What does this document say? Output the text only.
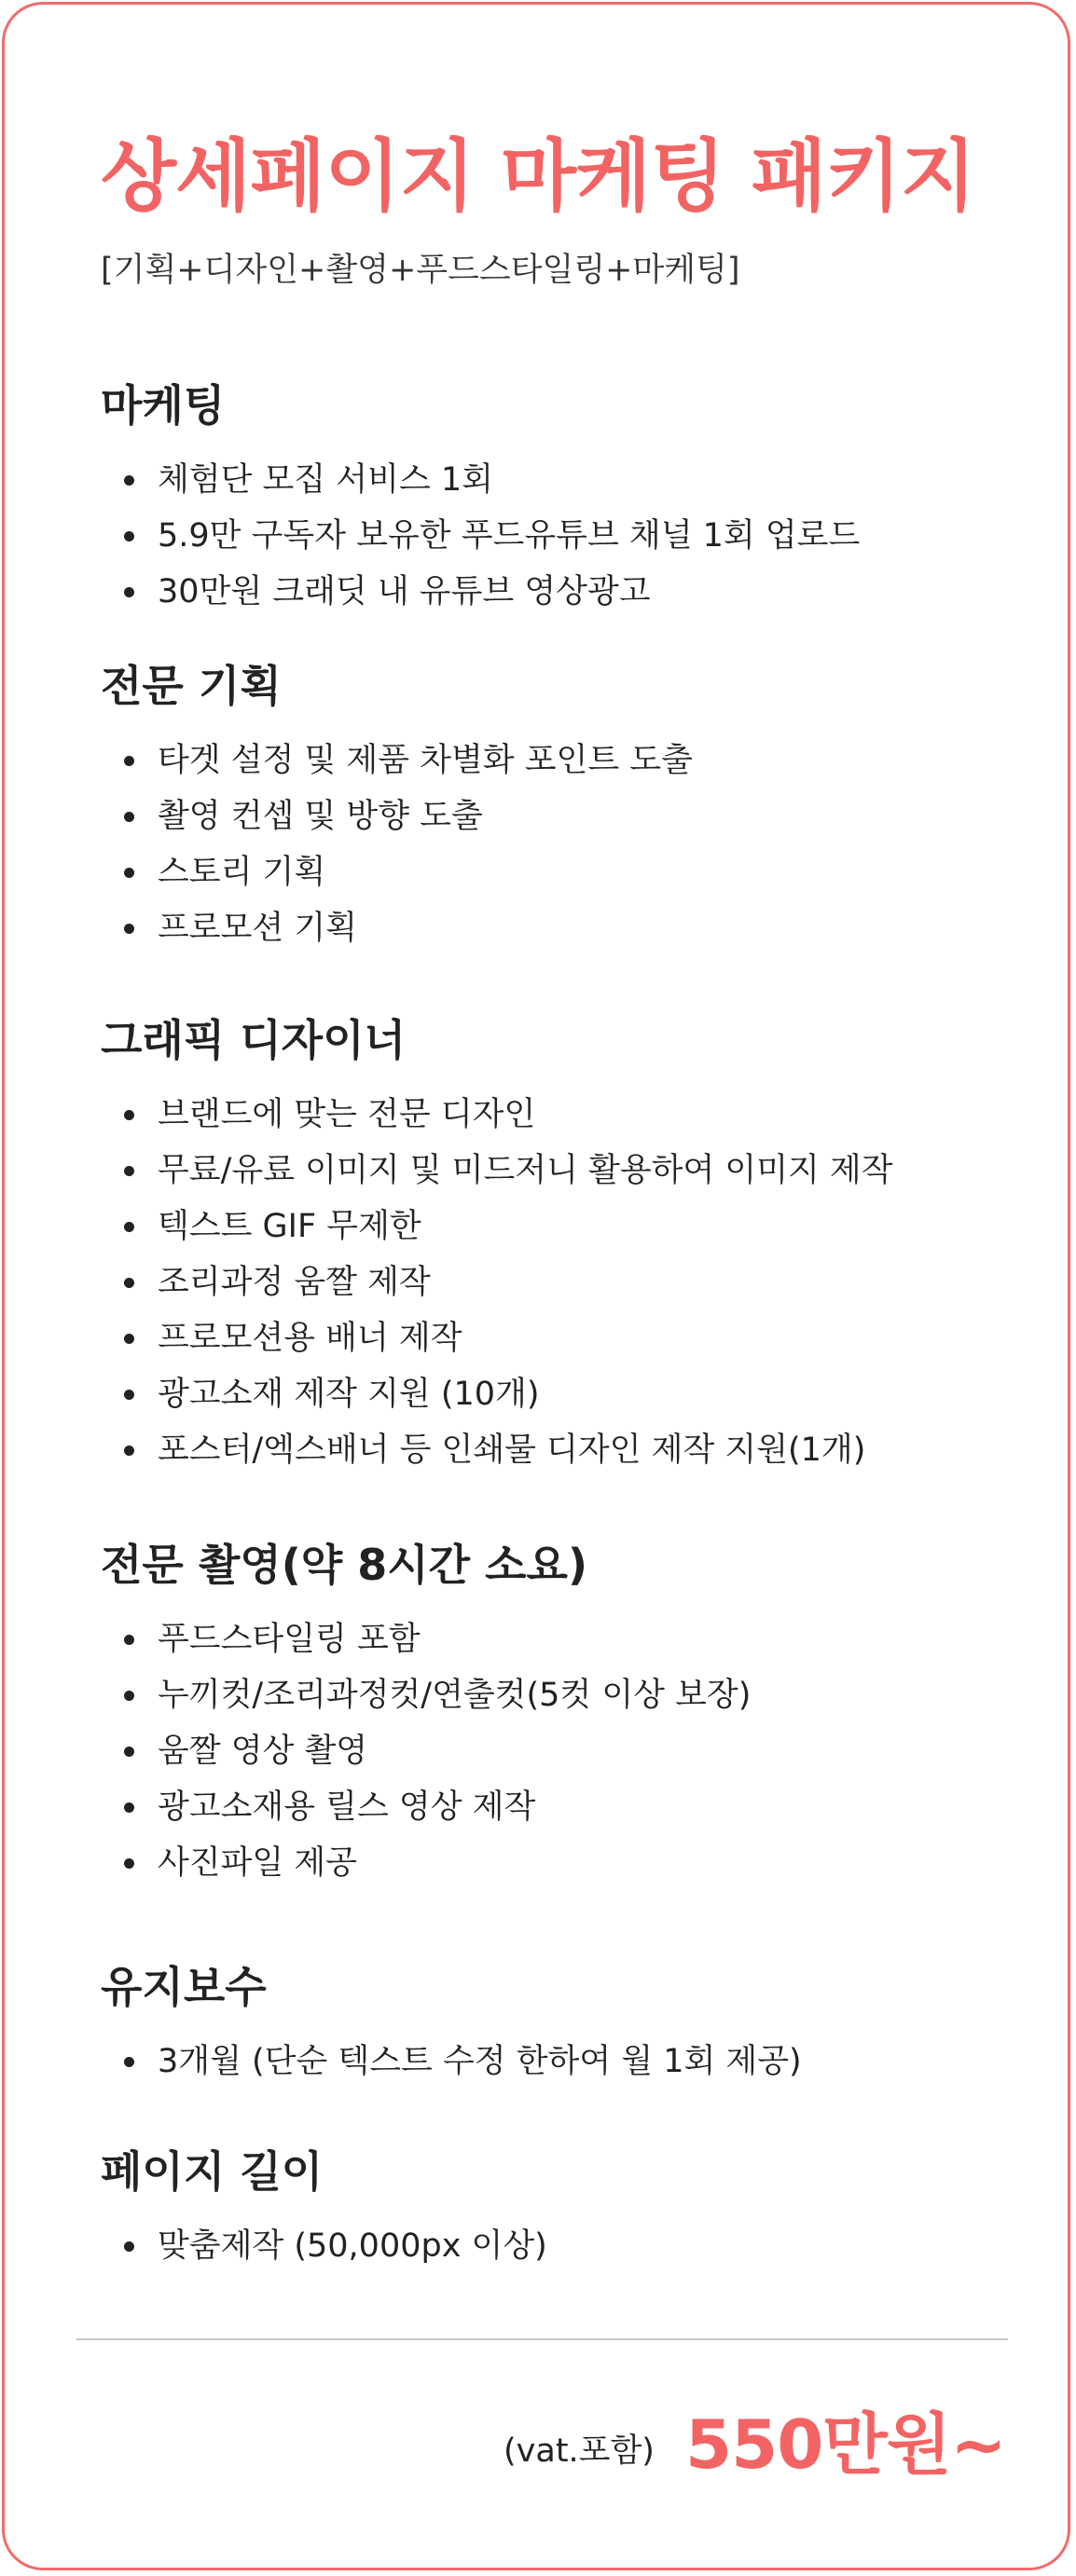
상세페이지 마케팅 패키지

[기획+디자인+촬영+푸드스타일링+마케팅]

마케팅
체험단 모집 서비스 1회
5.9만 구독자 보유한 푸드유튜브 채널 1회 업로드
30만원 크래딧 내 유튜브 영상광고
전문 기획
타겟 설정 및 제품 차별화 포인트 도출
촬영 컨셉 및 방향 도출
스토리 기획
프로모션 기획
그래픽 디자이너
브랜드에 맞는 전문 디자인
무료/유료 이미지 및 미드저니 활용하여 이미지 제작
텍스트 GIF 무제한
조리과정 움짤 제작
프로모션용 배너 제작
광고소재 제작 지원 (10개)
포스터/엑스배너 등 인쇄물 디자인 제작 지원(1개)
전문 촬영(약 8시간 소요)
푸드스타일링 포함
누끼컷/조리과정컷/연출컷(5컷 이상 보장)
움짤 영상 촬영
광고소재용 릴스 영상 제작
사진파일 제공
유지보수
3개월 (단순 텍스트 수정 한하여 월 1회 제공)
페이지 길이
맞춤제작 (50,000px 이상)
(vat.포함) 550만원~
